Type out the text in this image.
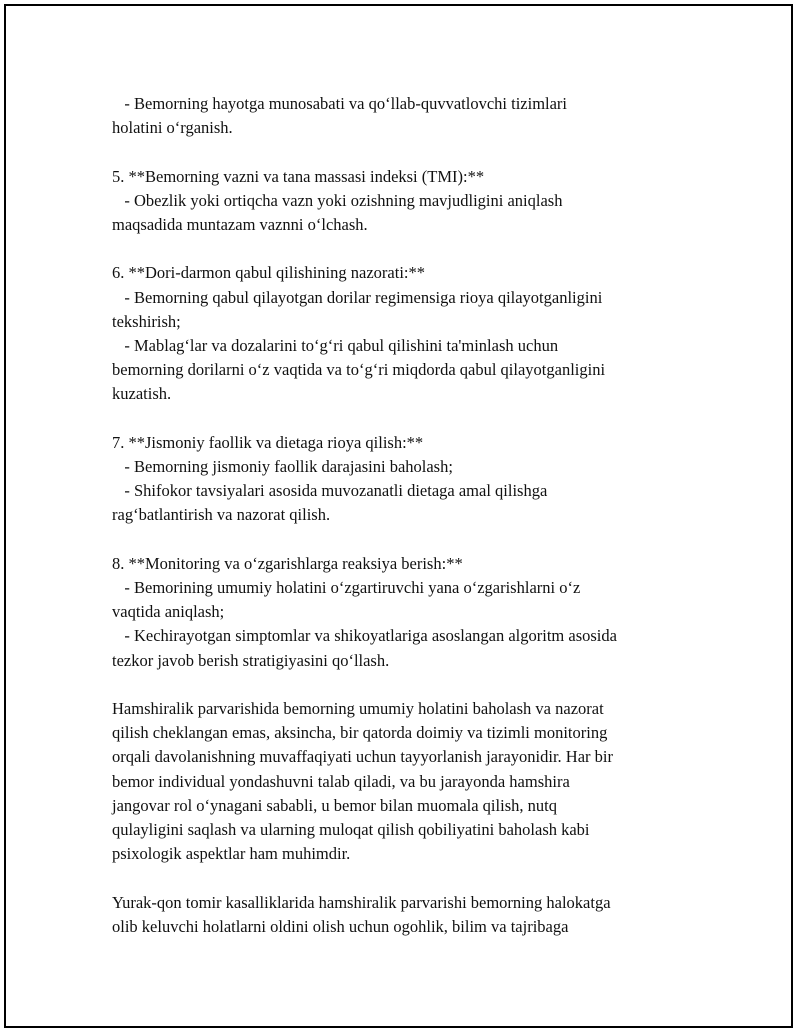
- Bemorning hayotga munosabati va qo‘llab-quvvatlovchi tizimlari
holatini o‘rganish.
5. **Bemorning vazni va tana massasi indeksi (TMI):**
- Obezlik yoki ortiqcha vazn yoki ozishning mavjudligini aniqlash
maqsadida muntazam vaznni o‘lchash.
6. **Dori-darmon qabul qilishining nazorati:**
- Bemorning qabul qilayotgan dorilar regimensiga rioya qilayotganligini
tekshirish;
- Mablag‘lar va dozalarini to‘g‘ri qabul qilishini ta'minlash uchun
bemorning dorilarni o‘z vaqtida va to‘g‘ri miqdorda qabul qilayotganligini
kuzatish.
7. **Jismoniy faollik va dietaga rioya qilish:**
- Bemorning jismoniy faollik darajasini baholash;
- Shifokor tavsiyalari asosida muvozanatli dietaga amal qilishga
rag‘batlantirish va nazorat qilish.
8. **Monitoring va o‘zgarishlarga reaksiya berish:**
- Bemorining umumiy holatini o‘zgartiruvchi yana o‘zgarishlarni o‘z
vaqtida aniqlash;
- Kechirayotgan simptomlar va shikoyatlariga asoslangan algoritm asosida
tezkor javob berish stratigiyasini qo‘llash.
Hamshiralik parvarishida bemorning umumiy holatini baholash va nazorat
qilish cheklangan emas, aksincha, bir qatorda doimiy va tizimli monitoring
orqali davolanishning muvaffaqiyati uchun tayyorlanish jarayonidir. Har bir
bemor individual yondashuvni talab qiladi, va bu jarayonda hamshira
jangovar rol o‘ynagani sababli, u bemor bilan muomala qilish, nutq
qulayligini saqlash va ularning muloqat qilish qobiliyatini baholash kabi
psixologik aspektlar ham muhimdir.
Yurak-qon tomir kasalliklarida hamshiralik parvarishi bemorning halokatga
olib keluvchi holatlarni oldini olish uchun ogohlik, bilim va tajribaga
